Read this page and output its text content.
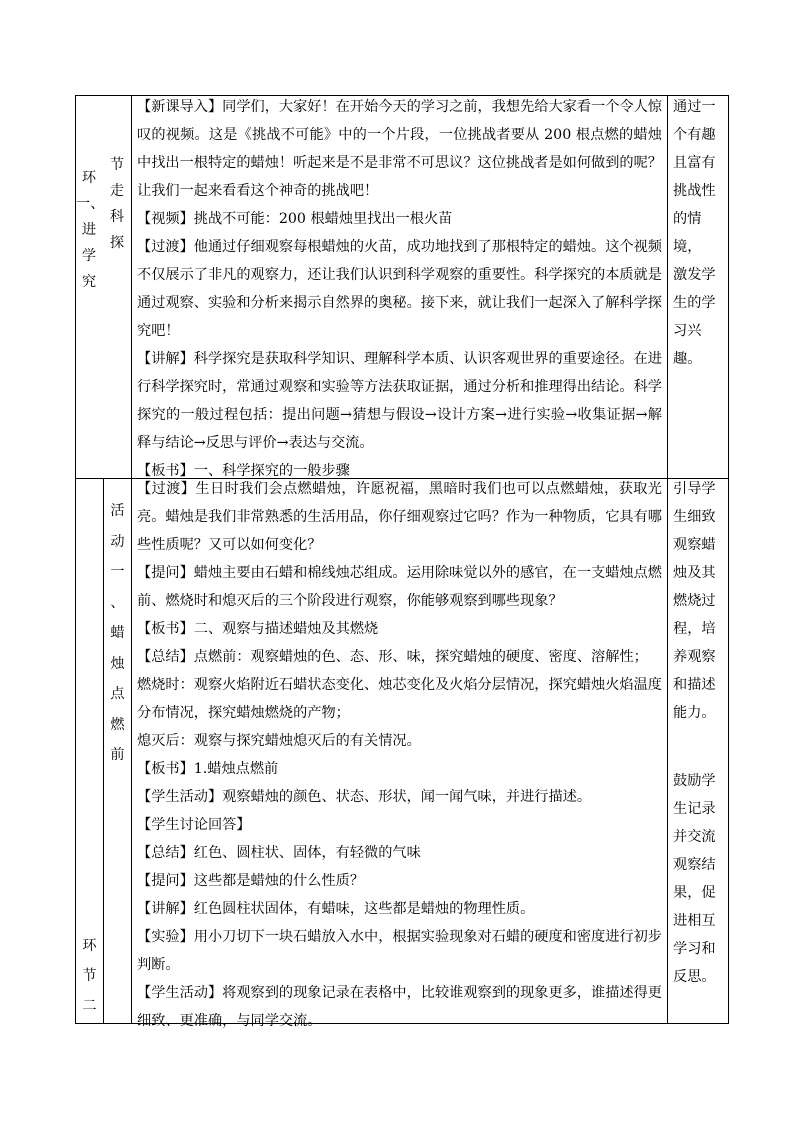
环
一、
进
学
究
节
走
科
探

【新课导入】同学们，大家好！在开始今天的学习之前，我想先给大家看一个令人惊叹的视频。这是《挑战不可能》中的一个片段，一位挑战者要从 200 根点燃的蜡烛中找出一根特定的蜡烛！听起来是不是非常不可思议？这位挑战者是如何做到的呢？让我们一起来看看这个神奇的挑战吧！

【视频】挑战不可能：200 根蜡烛里找出一根火苗

【过渡】他通过仔细观察每根蜡烛的火苗，成功地找到了那根特定的蜡烛。这个视频不仅展示了非凡的观察力，还让我们认识到科学观察的重要性。科学探究的本质就是通过观察、实验和分析来揭示自然界的奥秘。接下来，就让我们一起深入了解科学探究吧！

【讲解】科学探究是获取科学知识、理解科学本质、认识客观世界的重要途径。在进行科学探究时，常通过观察和实验等方法获取证据，通过分析和推理得出结论。科学探究的一般过程包括：提出问题→猜想与假设→设计方案→进行实验→收集证据→解释与结论→反思与评价→表达与交流。

【板书】一、科学探究的一般步骤

通过一

个有趣

且富有

挑战性

的情境，

激发学

生的学

习兴趣。

环
节
二
活
动
一
、
蜡
烛
点
燃
前

【过渡】生日时我们会点燃蜡烛，许愿祝福，黑暗时我们也可以点燃蜡烛，获取光亮。蜡烛是我们非常熟悉的生活用品，你仔细观察过它吗？作为一种物质，它具有哪些性质呢？又可以如何变化？

【提问】蜡烛主要由石蜡和棉线烛芯组成。运用除味觉以外的感官，在一支蜡烛点燃前、燃烧时和熄灭后的三个阶段进行观察，你能够观察到哪些现象？

【板书】二、观察与描述蜡烛及其燃烧

【总结】点燃前：观察蜡烛的色、态、形、味，探究蜡烛的硬度、密度、溶解性；

燃烧时：观察火焰附近石蜡状态变化、烛芯变化及火焰分层情况，探究蜡烛火焰温度分布情况，探究蜡烛燃烧的产物；

熄灭后：观察与探究蜡烛熄灭后的有关情况。

【板书】1.蜡烛点燃前

【学生活动】观察蜡烛的颜色、状态、形状，闻一闻气味，并进行描述。

【学生讨论回答】

【总结】红色、圆柱状、固体，有轻微的气味

【提问】这些都是蜡烛的什么性质？

【讲解】红色圆柱状固体，有蜡味，这些都是蜡烛的物理性质。

【实验】用小刀切下一块石蜡放入水中，根据实验现象对石蜡的硬度和密度进行初步判断。

【学生活动】将观察到的现象记录在表格中，比较谁观察到的现象更多，谁描述得更细致、更准确，与同学交流。

引导学

生细致

观察蜡

烛及其

燃烧过

程，培

养观察

和描述

能力。

鼓励学

生记录

并交流

观察结

果，促

进相互

学习和

反思。
